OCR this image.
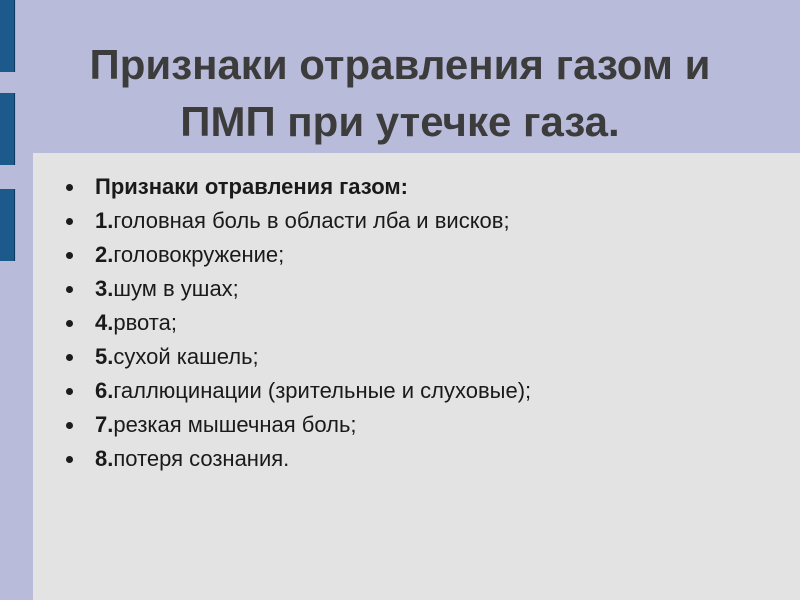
Признаки отравления газом и
ПМП при утечке газа.
Признаки отравления газом:
1.головная боль в области лба и висков;
2.головокружение;
3.шум в ушах;
4.рвота;
5.сухой кашель;
6.галлюцинации (зрительные и слуховые);
7.резкая мышечная боль;
8.потеря сознания.
